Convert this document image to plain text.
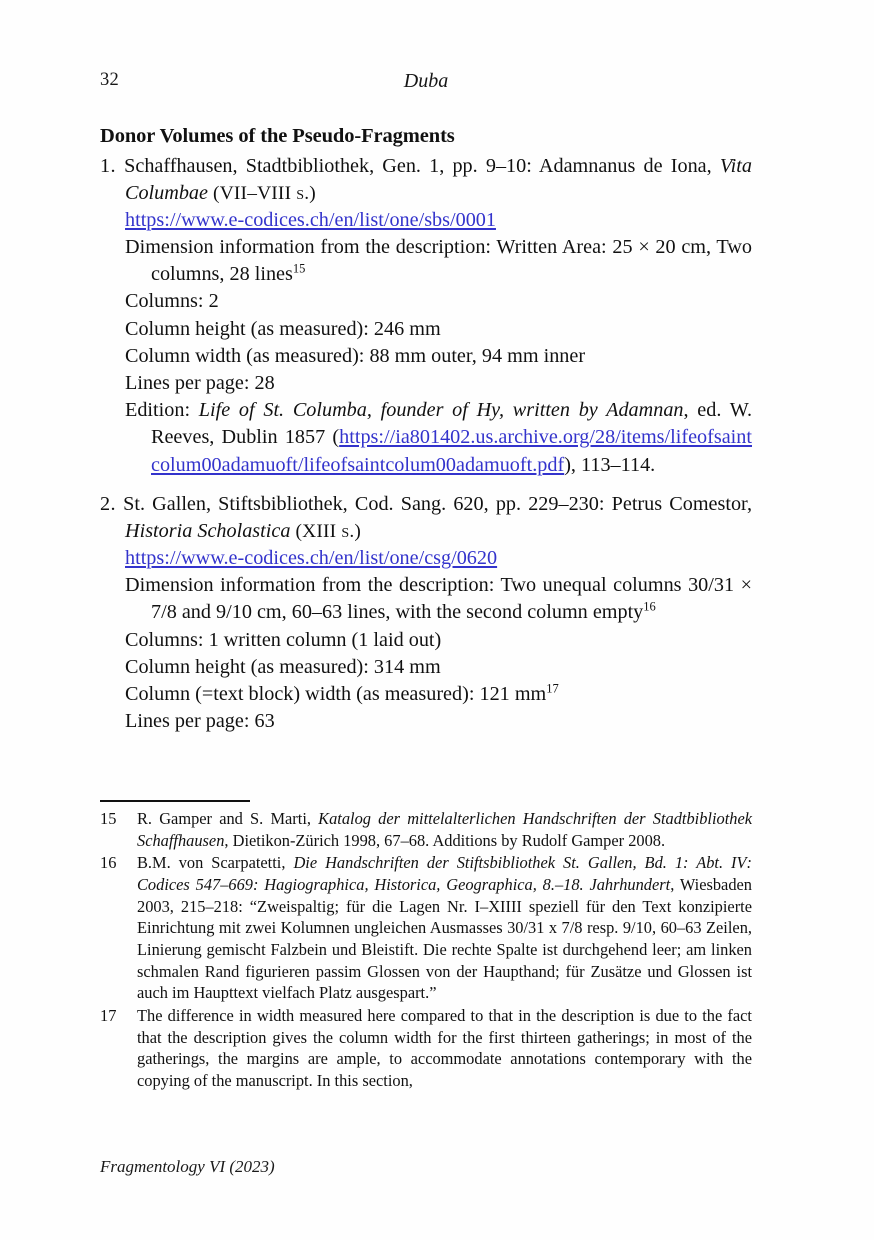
32	Duba
Donor Volumes of the Pseudo-Fragments

1. Schaffhausen, Stadtbibliothek, Gen. 1, pp. 9–10: Adamnanus de Iona, Vita Columbae (VII–VIII s.)

https://www.e-codices.ch/en/list/one/sbs/0001

Dimension information from the description: Written Area: 25 × 20 cm, Two columns, 28 lines$^{15}$

Columns: 2

Column height (as measured): 246 mm

Column width (as measured): 88 mm outer, 94 mm inner

Lines per page: 28

Edition: Life of St. Columba, founder of Hy, written by Adamnan, ed. W. Reeves, Dublin 1857 (https://ia801402.us.archive.org/28/items/lifeofsaintcolum00adamuoft/lifeofsaintcolum00adamuoft.pdf), 113–114.

2. St. Gallen, Stiftsbibliothek, Cod. Sang. 620, pp. 229–230: Petrus Comestor, Historia Scholastica (XIII s.)

https://www.e-codices.ch/en/list/one/csg/0620

Dimension information from the description: Two unequal columns 30/31 × 7/8 and 9/10 cm, 60–63 lines, with the second column empty$^{16}$

Columns: 1 written column (1 laid out)

Column height (as measured): 314 mm

Column (=text block) width (as measured): 121 $mm^{17}$

Lines per page: 63

15	R. Gamper and S. Marti, Katalog der mittelalterlichen Handschriften der Stadtbibliothek Schaffhausen, Dietikon-Zürich 1998, 67–68. Additions by Rudolf Gamper 2008.
16	B.M. von Scarpatetti, Die Handschriften der Stiftsbibliothek St. Gallen, Bd. 1: Abt. IV: Codices 547–669: Hagiographica, Historica, Geographica, 8.–18. Jahrhundert, Wiesbaden 2003, 215–218: “Zweispaltig; für die Lagen Nr. I–XIIII speziell für den Text konzipierte Einrichtung mit zwei Kolumnen ungleichen Ausmasses 30/31 x 7/8 resp. 9/10, 60–63 Zeilen, Linierung gemischt Falzbein und Bleistift. Die rechte Spalte ist durchgehend leer; am linken schmalen Rand figurieren passim Glossen von der Haupthand; für Zusätze und Glossen ist auch im Haupttext vielfach Platz ausgespart.”
17	The difference in width measured here compared to that in the description is due to the fact that the description gives the column width for the first thirteen gatherings; in most of the gatherings, the margins are ample, to accommodate annotations contemporary with the copying of the manuscript. In this section,
Fragmentology VI (2023)
